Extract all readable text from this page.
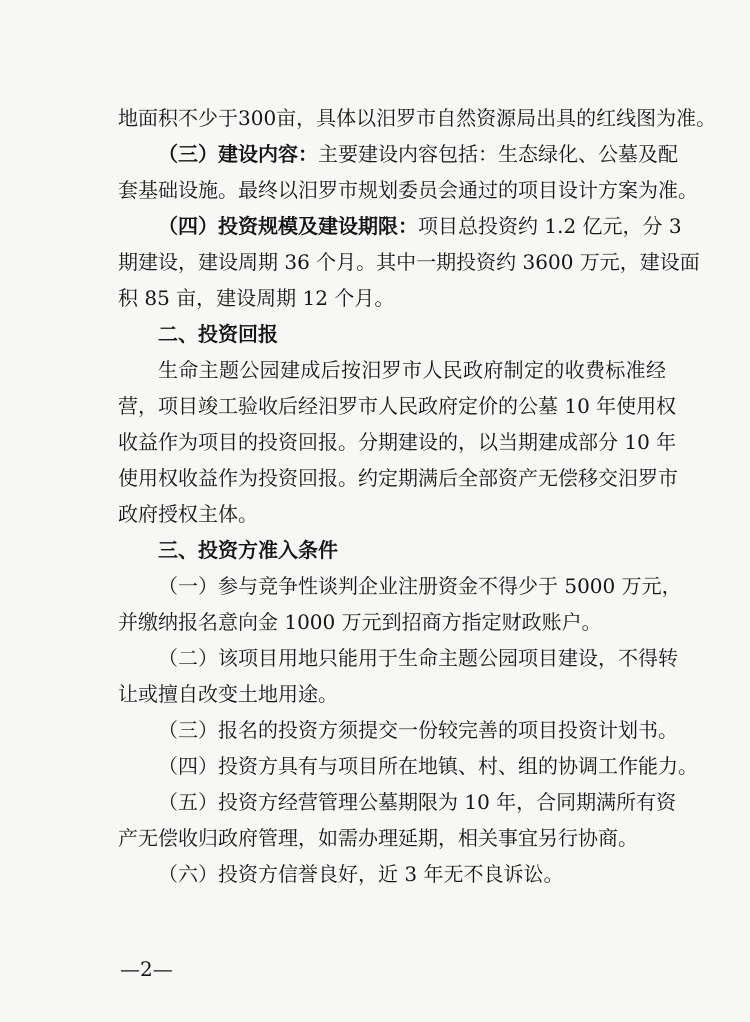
地面积不少于300亩，具体以汨罗市自然资源局出具的红线图为准。
（三）建设内容：主要建设内容包括：生态绿化、公墓及配
套基础设施。最终以汨罗市规划委员会通过的项目设计方案为准。
（四）投资规模及建设期限：项目总投资约 1.2 亿元，分 3
期建设，建设周期 36 个月。其中一期投资约 3600 万元，建设面
积 85 亩，建设周期 12 个月。
二、投资回报
生命主题公园建成后按汨罗市人民政府制定的收费标准经
营，项目竣工验收后经汨罗市人民政府定价的公墓 10 年使用权
收益作为项目的投资回报。分期建设的，以当期建成部分 10 年
使用权收益作为投资回报。约定期满后全部资产无偿移交汨罗市
政府授权主体。
三、投资方准入条件
（一）参与竞争性谈判企业注册资金不得少于 5000 万元，
并缴纳报名意向金 1000 万元到招商方指定财政账户。
（二）该项目用地只能用于生命主题公园项目建设，不得转
让或擅自改变土地用途。
（三）报名的投资方须提交一份较完善的项目投资计划书。
（四）投资方具有与项目所在地镇、村、组的协调工作能力。
（五）投资方经营管理公墓期限为 10 年，合同期满所有资
产无偿收归政府管理，如需办理延期，相关事宜另行协商。
（六）投资方信誉良好，近 3 年无不良诉讼。
—2—
